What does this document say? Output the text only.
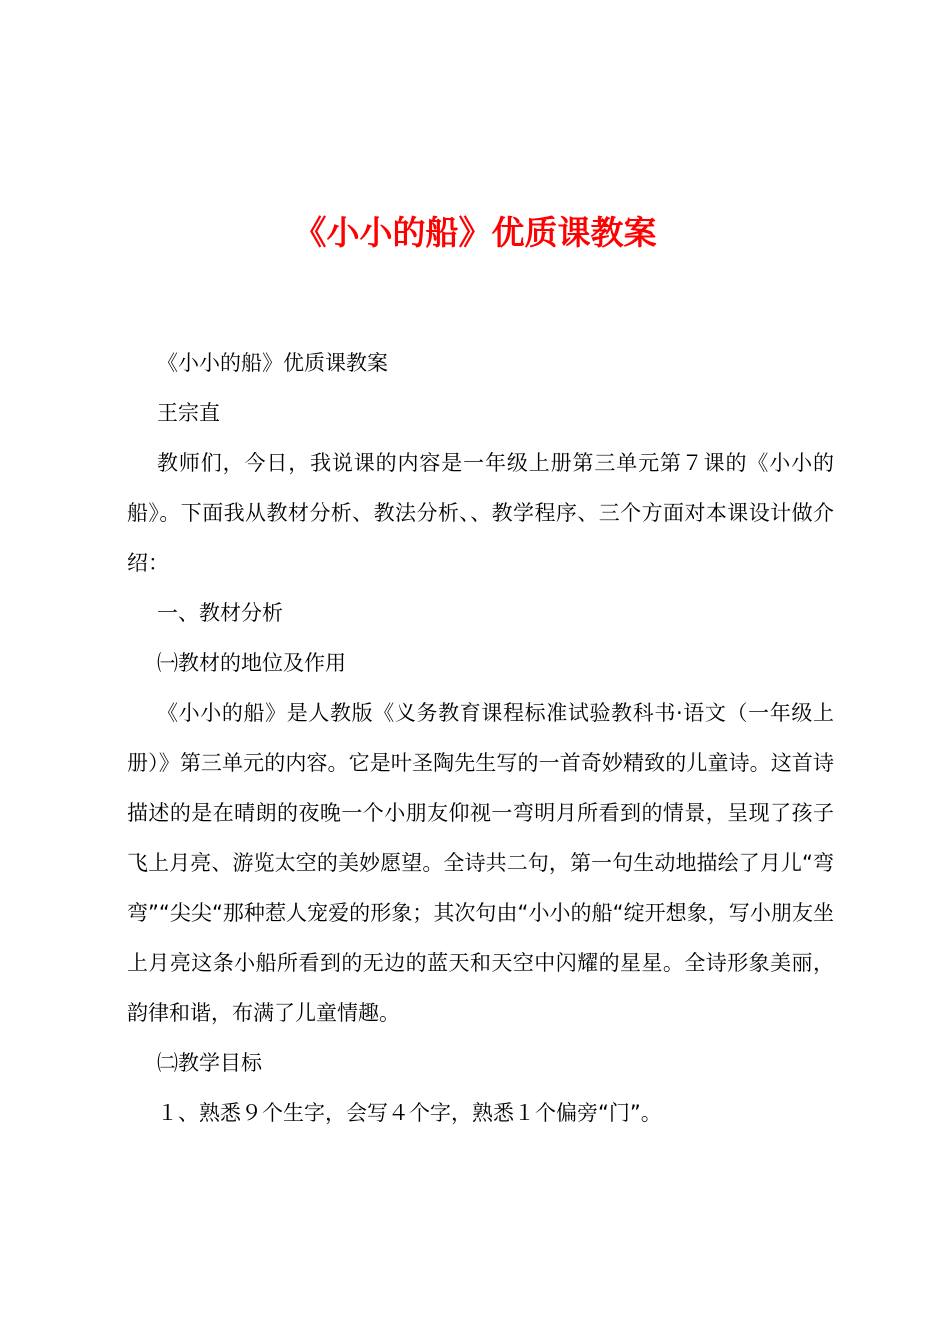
《小小的船》优质课教案

《小小的船》优质课教案

王宗直

教师们，今日，我说课的内容是一年级上册第三单元第７课的《小小的船》。下面我从教材分析、教法分析、、教学程序、三个方面对本课设计做介绍：

一、教材分析

㈠教材的地位及作用

《小小的船》是人教版《义务教育课程标准试验教科书·语文（一年级上册）》第三单元的内容。它是叶圣陶先生写的一首奇妙精致的儿童诗。这首诗描述的是在晴朗的夜晚一个小朋友仰视一弯明月所看到的情景，呈现了孩子飞上月亮、游览太空的美妙愿望。全诗共二句，第一句生动地描绘了月儿“弯弯”“尖尖“那种惹人宠爱的形象；其次句由“小小的船“绽开想象，写小朋友坐上月亮这条小船所看到的无边的蓝天和天空中闪耀的星星。全诗形象美丽，韵律和谐，布满了儿童情趣。

㈡教学目标

１、熟悉９个生字，会写４个字，熟悉１个偏旁“门”。
